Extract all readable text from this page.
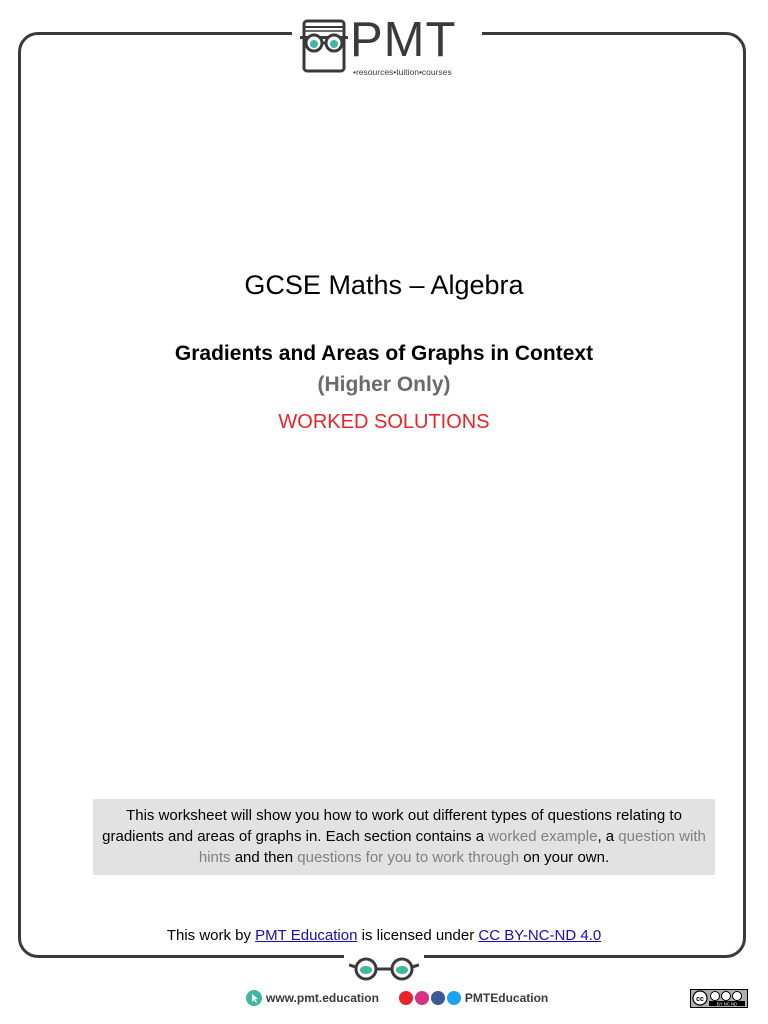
PMT
•resources•tuition•courses
GCSE Maths – Algebra
Gradients and Areas of Graphs in Context
(Higher Only)
WORKED SOLUTIONS
This worksheet will show you how to work out different types of questions relating to gradients and areas of graphs in. Each section contains a worked example, a question with hints and then questions for you to work through on your own.
This work by PMT Education is licensed under CC BY-NC-ND 4.0
www.pmt.education	PMTEducation	cc
BY NC ND
